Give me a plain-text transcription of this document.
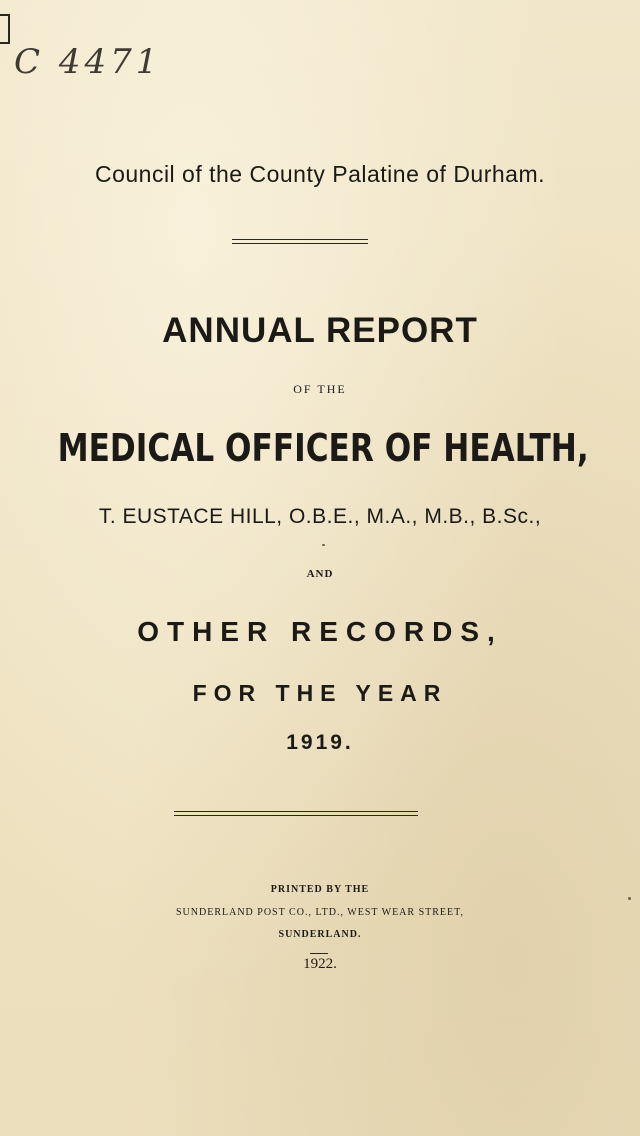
C 4471
Council of the County Palatine of Durham.
ANNUAL REPORT
OF THE
MEDICAL OFFICER OF HEALTH,
T. EUSTACE HILL, O.B.E., M.A., M.B., B.Sc.,
AND
OTHER RECORDS,
FOR THE YEAR
1919.
PRINTED BY THE
SUNDERLAND POST CO., LTD., WEST WEAR STREET,
SUNDERLAND.
1922.
